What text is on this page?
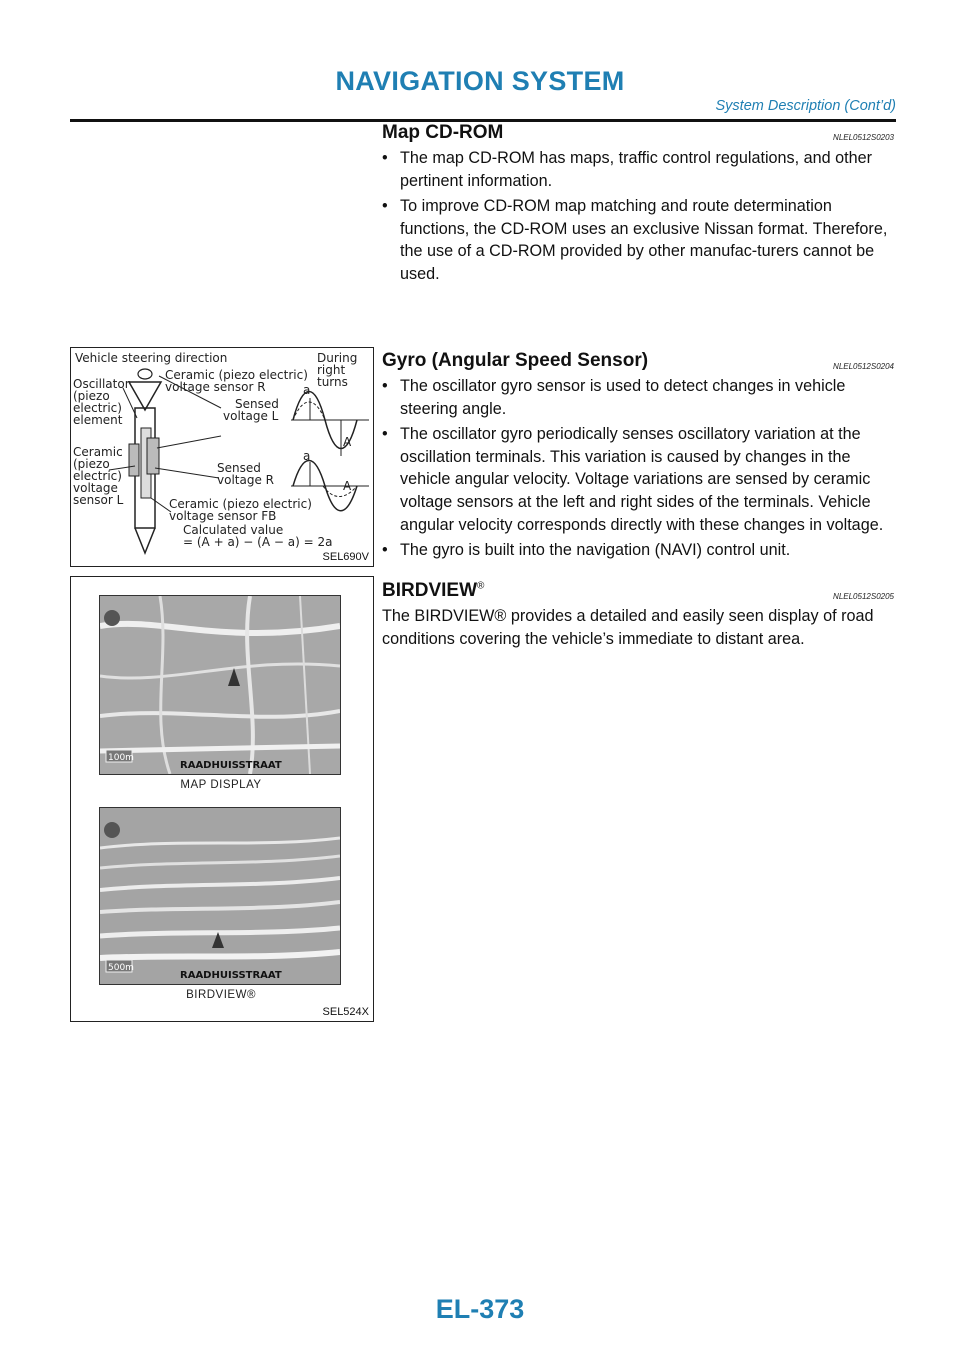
NAVIGATION SYSTEM
System Description (Cont’d)
Map CD-ROM	NLEL0512S0203
• The map CD-ROM has maps, traffic control regulations, and other pertinent information.
• To improve CD-ROM map matching and route determination functions, the CD-ROM uses an exclusive Nissan format. Therefore, the use of a CD-ROM provided by other manufac-turers cannot be used.
Vehicle steering direction
Oscillator
(piezo
electric)
element
Ceramic (piezo electric)
voltage sensor R
During
right
turns
Sensed
voltage L
Ceramic
(piezo
electric)
voltage
sensor L
Sensed
voltage R
Ceramic (piezo electric)
voltage sensor FB
Calculated value
= (A + a) − (A − a) = 2a
a
A
a
A
SEL690V
Gyro (Angular Speed Sensor)	NLEL0512S0204
• The oscillator gyro sensor is used to detect changes in vehicle steering angle.
• The oscillator gyro periodically senses oscillatory variation at the oscillation terminals. This variation is caused by changes in the vehicle angular velocity. Voltage variations are sensed by ceramic voltage sensors at the left and right sides of the terminals. Vehicle angular velocity corresponds directly with these changes in voltage.
• The gyro is built into the navigation (NAVI) control unit.
100m
RAADHUISSTRAAT
MAP DISPLAY
500m
RAADHUISSTRAAT
BIRDVIEW®
SEL524X
BIRDVIEW®
NLEL0512S0205
The BIRDVIEW® provides a detailed and easily seen display of road conditions covering the vehicle’s immediate to distant area.
EL-373
